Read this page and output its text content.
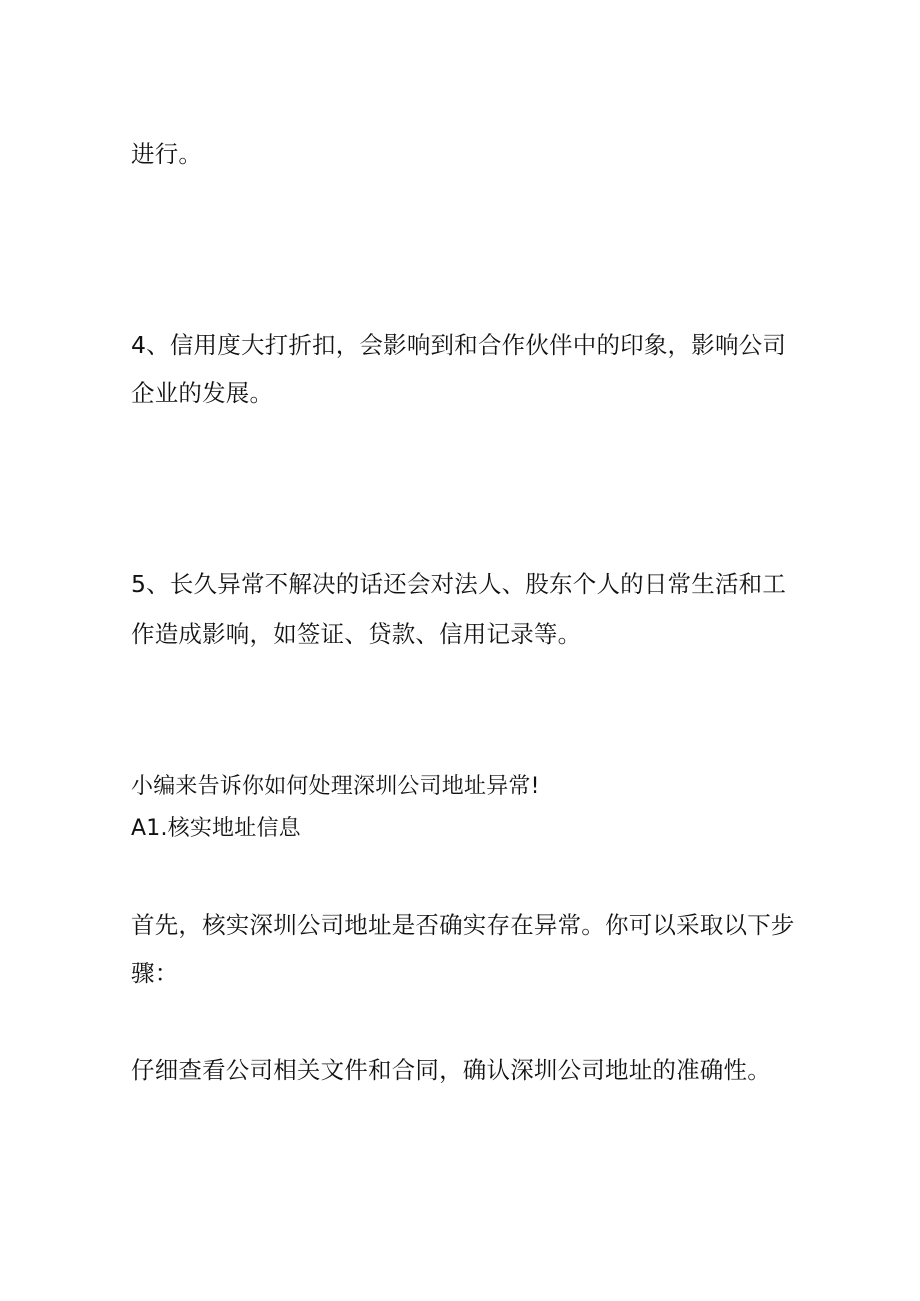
进行。
4、信用度大打折扣，会影响到和合作伙伴中的印象，影响公司
企业的发展。
5、长久异常不解决的话还会对法人、股东个人的日常生活和工
作造成影响，如签证、贷款、信用记录等。
小编来告诉你如何处理深圳公司地址异常!
A1.核实地址信息
首先，核实深圳公司地址是否确实存在异常。你可以采取以下步
骤：
仔细查看公司相关文件和合同，确认深圳公司地址的准确性。
